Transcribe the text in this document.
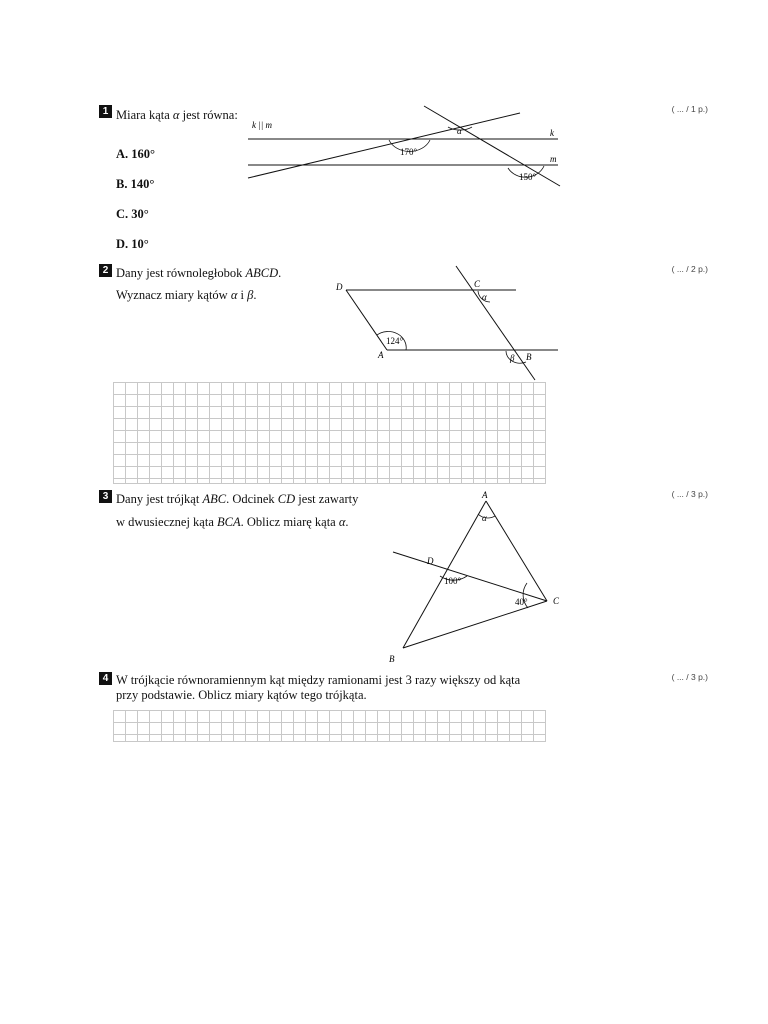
1 Miara kąta α jest równa:	( ... / 1 p.)
A. 160°
B. 140°
C. 30°
D. 10°
k || m
k
m
α
170°
150°
2 Dany jest równoległobok ABCD.
Wyznacz miary kątów α i β.
( ... / 2 p.)
D	C
A	B
α
β
124°
3 Dany jest trójkąt ABC. Odcinek CD jest zawarty
w dwusiecznej kąta BCA. Oblicz miarę kąta α.
( ... / 3 p.)
A
B
C
D
α
100°
40°
4 W trójkącie równoramiennym kąt między ramionami jest 3 razy większy od kąta
przy podstawie. Oblicz miary kątów tego trójkąta.
( ... / 3 p.)
